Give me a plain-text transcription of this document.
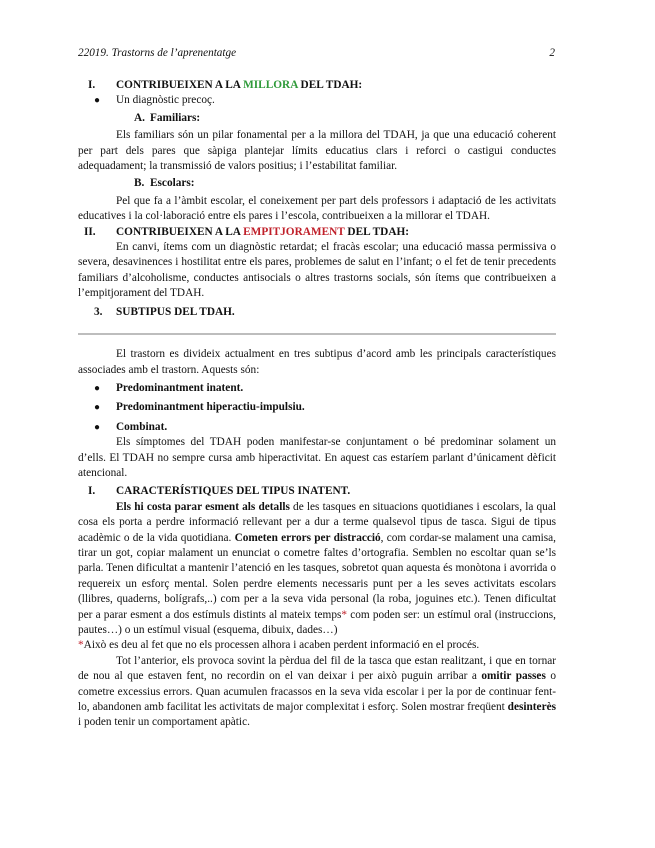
22019. Trastorns de l’aprenentatge	2
I.	CONTRIBUEIXEN A LA MILLORA DEL TDAH:
●	Un diagnòstic precoç.
A. Familiars:

Els familiars són un pilar fonamental per a la millora del TDAH, ja que una educació coherent per part dels pares que sàpiga plantejar límits educatius clars i reforci o castigui conductes adequadament; la transmissió de valors positius; i l’estabilitat familiar.

B. Escolars:

Pel que fa a l’àmbit escolar, el coneixement per part dels professors i adaptació de les activitats educatives i la col·laboració entre els pares i l’escola, contribueixen a la millorar el TDAH.

II.	CONTRIBUEIXEN A LA EMPITJORAMENT DEL TDAH:

En canvi, ítems com un diagnòstic retardat; el fracàs escolar; una educació massa permissiva o severa, desavinences i hostilitat entre els pares, problemes de salut en l’infant; o el fet de tenir precedents familiars d’alcoholisme, conductes antisocials o altres trastorns socials, són ítems que contribueixen a l’empitjorament del TDAH.

3.	SUBTIPUS DEL TDAH.

El trastorn es divideix actualment en tres subtipus d’acord amb les principals característiques associades amb el trastorn. Aquests són:

●	Predominantment inatent.
●	Predominantment hiperactiu-impulsiu.
●	Combinat.

Els símptomes del TDAH poden manifestar-se conjuntament o bé predominar solament un d’ells. El TDAH no sempre cursa amb hiperactivitat. En aquest cas estaríem parlant d’únicament dèficit atencional.

I.	CARACTERÍSTIQUES DEL TIPUS INATENT.

Els hi costa parar esment als detalls de les tasques en situacions quotidianes i escolars, la qual cosa els porta a perdre informació rellevant per a dur a terme qualsevol tipus de tasca. Sigui de tipus acadèmic o de la vida quotidiana. Cometen errors per distracció, com cordar-se malament una camisa, tirar un got, copiar malament un enunciat o cometre faltes d’ortografia. Semblen no escoltar quan se’ls parla. Tenen dificultat a mantenir l’atenció en les tasques, sobretot quan aquesta és monòtona i avorrida o requereix un esforç mental. Solen perdre elements necessaris punt per a les seves activitats escolars (llibres, quaderns, bolígrafs,..) com per a la seva vida personal (la roba, joguines etc.). Tenen dificultat per a parar esment a dos estímuls distints al mateix temps* com poden ser: un estímul oral (instruccions, pautes…) o un estímul visual (esquema, dibuix, dades…)

*Això es deu al fet que no els processen alhora i acaben perdent informació en el procés.

Tot l’anterior, els provoca sovint la pèrdua del fil de la tasca que estan realitzant, i que en tornar de nou al que estaven fent, no recordin on el van deixar i per això puguin arribar a omitir passes o cometre excessius errors. Quan acumulen fracassos en la seva vida escolar i per la por de continuar fent-lo, abandonen amb facilitat les activitats de major complexitat i esforç. Solen mostrar freqüent desinterès i poden tenir un comportament apàtic.
